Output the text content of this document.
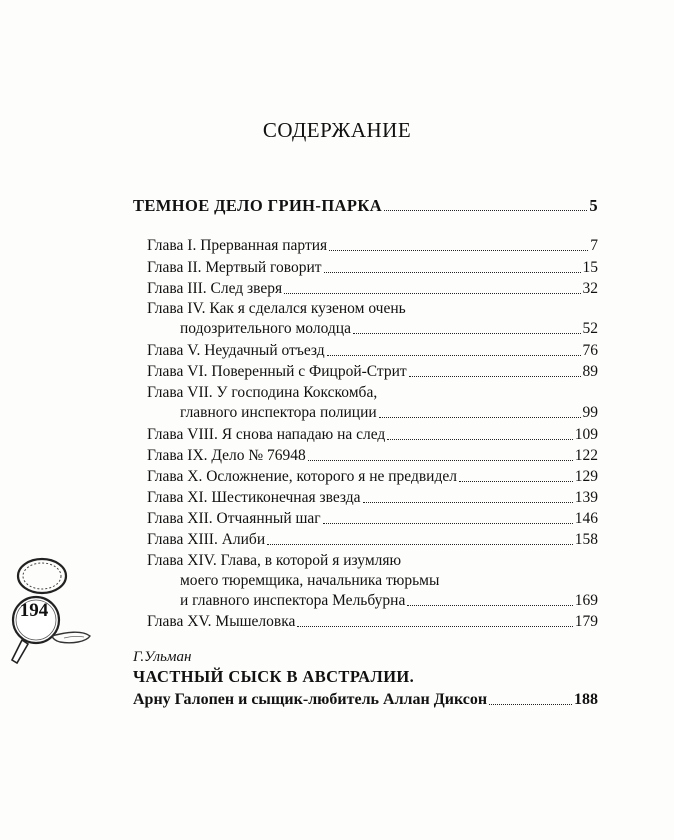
СОДЕРЖАНИЕ
ТЕМНОЕ ДЕЛО ГРИН-ПАРКА	5
Глава I. Прерванная партия	7
Глава II. Мертвый говорит	15
Глава III. След зверя	32
Глава IV. Как я сделался кузеном очень
подозрительного молодца	52
Глава V. Неудачный отъезд	76
Глава VI. Поверенный с Фицрой-Стрит	89
Глава VII. У господина Кокскомба,
главного инспектора полиции	99
Глава VIII. Я снова нападаю на след	109
Глава IX. Дело № 76948	122
Глава X. Осложнение, которого я не предвидел	129
Глава XI. Шестиконечная звезда	139
Глава XII. Отчаянный шаг	146
Глава XIII. Алиби	158
Глава XIV. Глава, в которой я изумляю
моего тюремщика, начальника тюрьмы
и главного инспектора Мельбурна	169
Глава XV. Мышеловка	179
Г.Ульман
ЧАСТНЫЙ СЫСК В АВСТРАЛИИ.
Арну Галопен и сыщик-любитель Аллан Диксон	188
194
